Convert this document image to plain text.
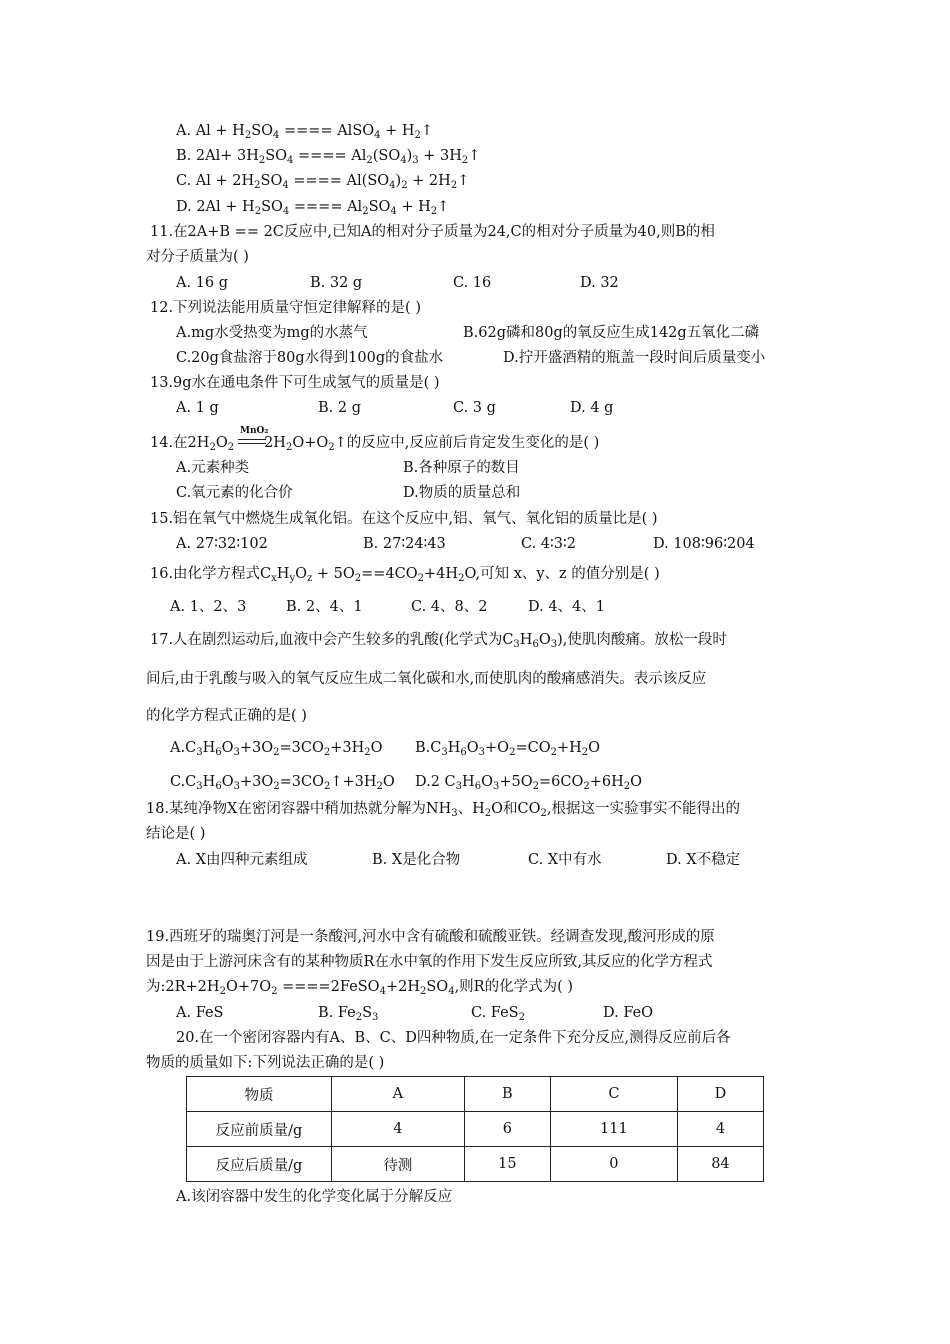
A. $Al + H_2SO_4$ ==== AlSO$_4$ + $H_2↑$
B. $2Al+ 3H_2SO_4$ ==== $Al_2(SO_4)_3$ + $3H_2↑$
C. $Al + 2H_2SO_4$ ==== $Al(SO_4)_2$ + $2H_2↑$
D. $2Al + H_2SO_4$ ==== $Al_2SO_4$ + $H_2↑$
11.在2A+B == 2C反应中,已知A的相对分子质量为24,C的相对分子质量为40,则B的相
对分子质量为( )
A. 16 g	B. 32 g	C. 16	D. 32
12.下列说法能用质量守恒定律解释的是( )
A.mg水受热变为mg的水蒸气	B.62g磷和80g的氧反应生成142g五氧化二磷
C.20g食盐溶于80g水得到100g的食盐水	D.拧开盛酒精的瓶盖一段时间后质量变小
13.9g水在通电条件下可生成氢气的质量是( )
A. 1 g	B. 2 g	C. 3 g	D. 4 g
MnO₂
14.在$2H_2O_2$ $2H_2O+O_2↑$的反应中,反应前后肯定发生变化的是( )
A.元素种类	B.各种原子的数目
C.氧元素的化合价	D.物质的质量总和
15.铝在氧气中燃烧生成氧化铝。在这个反应中,铝、氧气、氧化铝的质量比是( )
A. 27∶32∶102	B. 27∶24∶43	C. 4∶3∶2	D. 108∶96∶204
16.由化学方程式$C_xH_yO_z + 5O_2==4CO_2+4H_2O$,可知 x、y、z 的值分别是( )
A. 1、2、3	B. 2、4、1	C. 4、8、2	D. 4、4、1
17.人在剧烈运动后,血液中会产生较多的乳酸(化学式为$C_3H_6O_3$),使肌肉酸痛。放松一段时
间后,由于乳酸与吸入的氧气反应生成二氧化碳和水,而使肌肉的酸痛感消失。表示该反应
的化学方程式正确的是( )
$A.C_3H_6O_3+3O_2=3CO_2+3H_2O$ $B.C_3H_6O_3+O_2=CO_2+H_2O$
$C.C_3H_6O_3+3O_2=3CO_2↑+3H_2O$ D.2 $C_3H_6O_3+5O_2=6CO_2+6H_2O$
18.某纯净物X在密闭容器中稍加热就分解为$NH_3$、$H_2O$和$CO_2$,根据这一实验事实不能得出的
结论是( )
A. X由四种元素组成	B. X是化合物	C. X中有水	D. X不稳定
19.西班牙的瑞奥汀河是一条酸河,河水中含有硫酸和硫酸亚铁。经调查发现,酸河形成的原
因是由于上游河床含有的某种物质R在水中氧的作用下发生反应所致,其反应的化学方程式
为$:2R+2H_2O+7O_2$ $====2FeSO_4+2H_2SO_4$,则R的化学式为( )
A. FeS	B. $Fe_2S_3$	C. FeS$_2$	D. FeO
20.在一个密闭容器内有A、B、C、D四种物质,在一定条件下充分反应,测得反应前后各
物质的质量如下:下列说法正确的是( )
物质	A	B	C	D
反应前质量/g	4	6	111	4
反应后质量/g	待测	15	0	84
A.该闭容器中发生的化学变化属于分解反应
